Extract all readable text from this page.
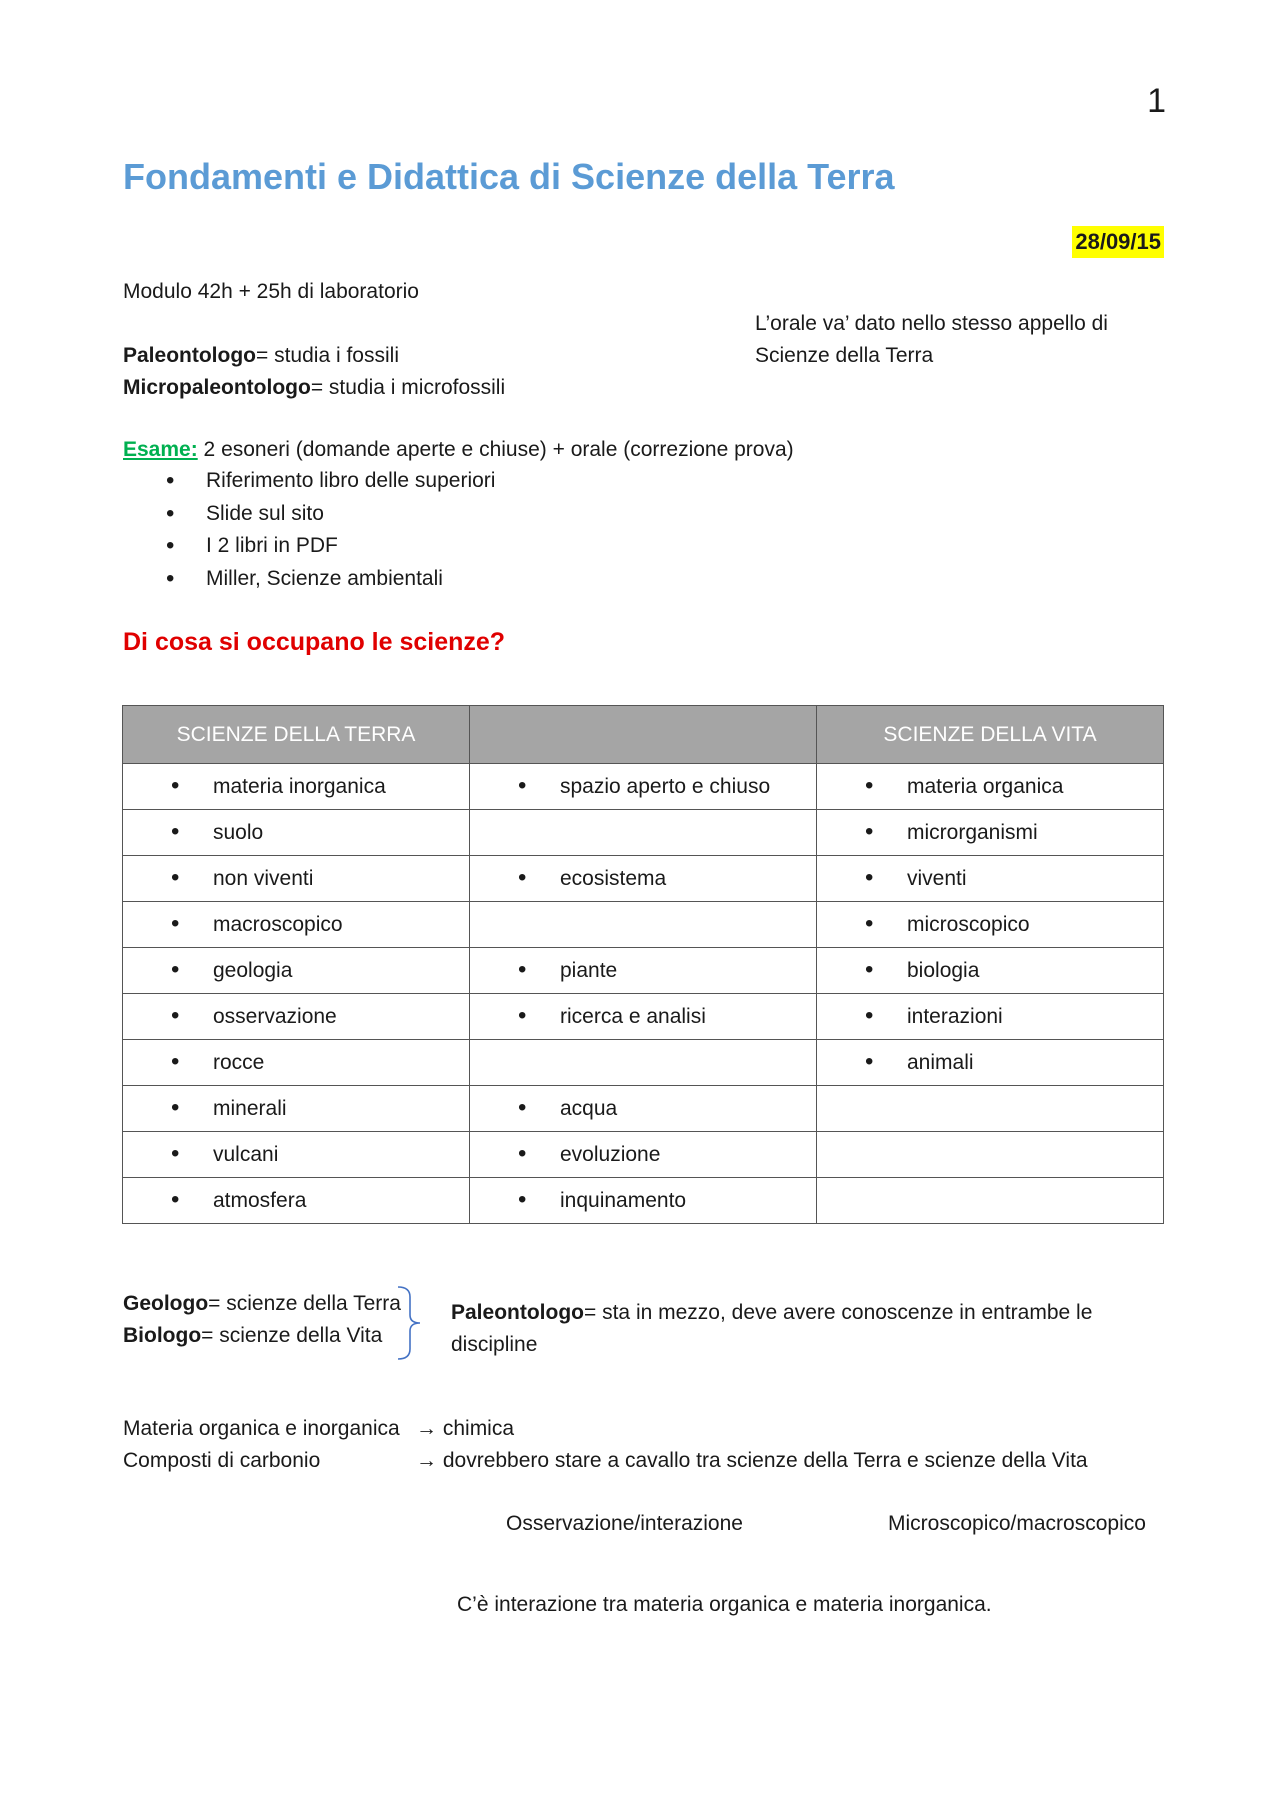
1
Fondamenti e Didattica di Scienze della Terra
28/09/15
Modulo 42h + 25h di laboratorio
L’orale va’ dato nello stesso appello di
Scienze della Terra
Paleontologo= studia i fossili
Micropaleontologo= studia i microfossili
Esame: 2 esoneri (domande aperte e chiuse) + orale (correzione prova)
• Riferimento libro delle superiori
• Slide sul sito
• I 2 libri in PDF
• Miller, Scienze ambientali
Di cosa si occupano le scienze?
SCIENZE DELLA TERRA		SCIENZE DELLA VITA

• materia inorganica	• spazio aperto e chiuso	• materia organica

• suolo		• microrganismi

• non viventi	• ecosistema	• viventi

• macroscopico		• microscopico

• geologia	• piante	• biologia

• osservazione	• ricerca e analisi	• interazioni

• rocce		• animali

• minerali	• acqua	

• vulcani	• evoluzione	

• atmosfera	• inquinamento	

Geologo= scienze della Terra
Biologo= scienze della Vita
Paleontologo= sta in mezzo, deve avere conoscenze in entrambe le
discipline
Materia organica e inorganica → chimica
Composti di carbonio	→ dovrebbero stare a cavallo tra scienze della Terra e scienze della Vita
Osservazione/interazione	Microscopico/macroscopico
C’è interazione tra materia organica e materia inorganica.
